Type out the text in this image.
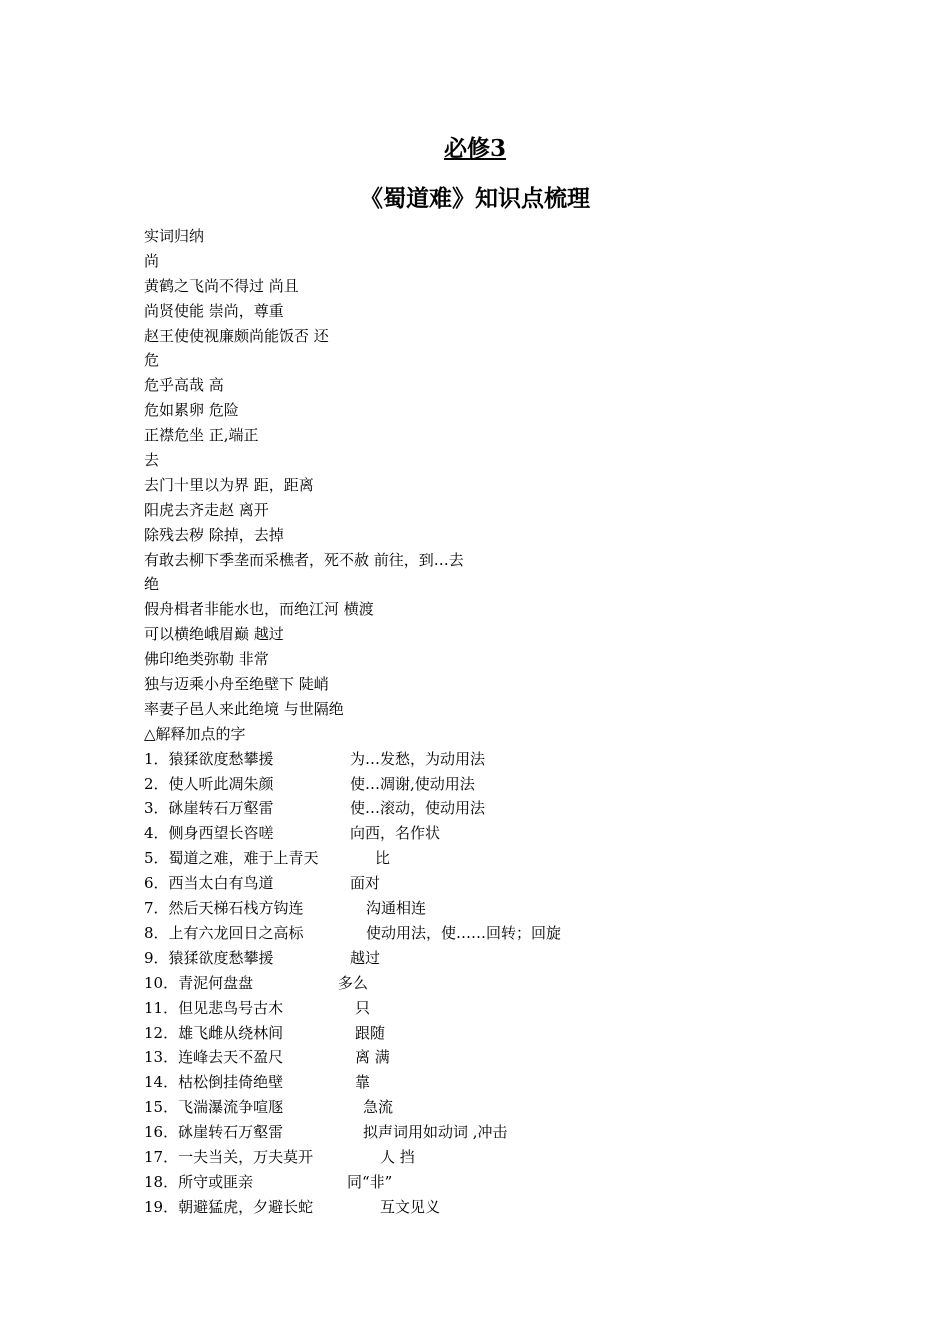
必修3
《蜀道难》知识点梳理
实词归纳
尚
黄鹤之飞尚不得过 尚且
尚贤使能 崇尚，尊重
赵王使使视廉颇尚能饭否 还
危
危乎高哉 高
危如累卵 危险
正襟危坐 正,端正
去
去门十里以为界 距，距离
阳虎去齐走赵 离开
除残去秽 除掉，去掉
有敢去柳下季垄而采樵者，死不赦 前往，到…去
绝
假舟楫者非能水也，而绝江河 横渡
可以横绝峨眉巅 越过
佛印绝类弥勒 非常
独与迈乘小舟至绝壁下 陡峭
率妻子邑人来此绝境 与世隔绝
△解释加点的字
1．猿猱欲度愁攀援	为…发愁，为动用法
2．使人听此凋朱颜	使…凋谢,使动用法
3．砯崖转石万壑雷	使…滚动，使动用法
4．侧身西望长咨嗟	向西，名作状
5．蜀道之难，难于上青天	比
6．西当太白有鸟道	面对
7．然后天梯石栈方钩连	沟通相连
8．上有六龙回日之高标	使动用法，使……回转；回旋
9．猿猱欲度愁攀援	越过
10．青泥何盘盘	多么
11．但见悲鸟号古木	只
12．雄飞雌从绕林间	跟随
13．连峰去天不盈尺	离 满
14．枯松倒挂倚绝壁	靠
15．飞湍瀑流争喧豗	急流
16．砯崖转石万壑雷	拟声词用如动词 ,冲击
17．一夫当关，万夫莫开	人 挡
18．所守或匪亲	同“非”
19．朝避猛虎，夕避长蛇	互文见义
